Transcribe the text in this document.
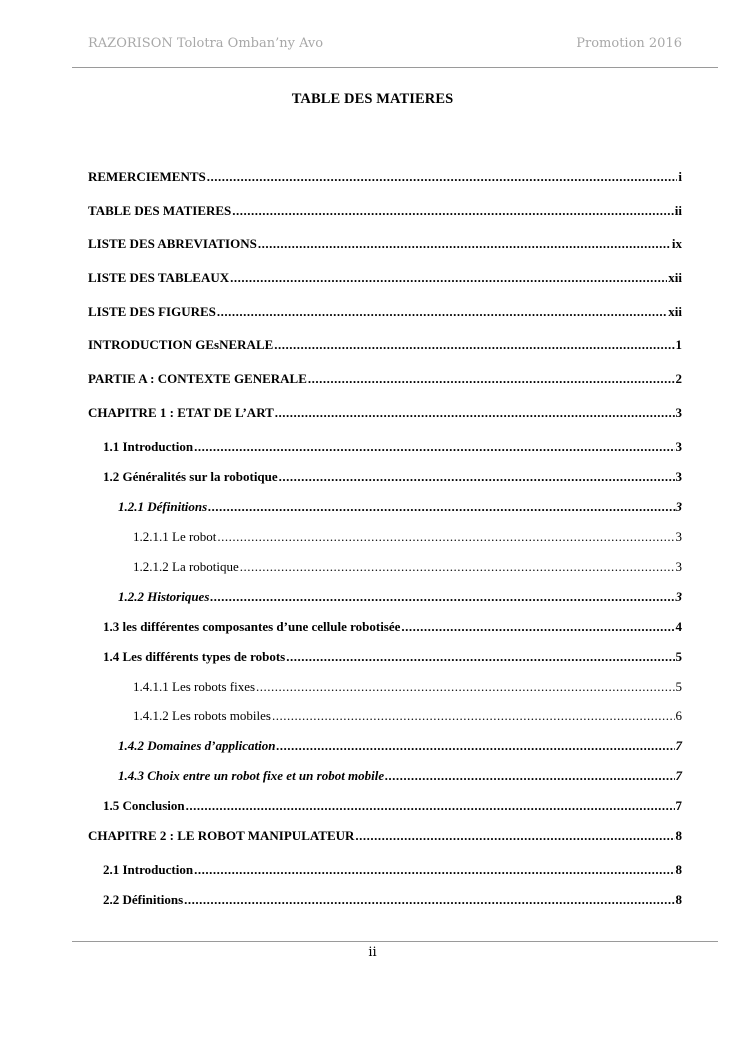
RAZORISON Tolotra Omban’ny Avo	Promotion 2016
TABLE DES MATIERES
REMERCIEMENTS .....	i
TABLE DES MATIERES .....	ii
LISTE DES ABREVIATIONS .....	ix
LISTE DES TABLEAUX .....	xii
LISTE DES FIGURES .....	xii
INTRODUCTION GEsNERALE .....	1
PARTIE A : CONTEXTE GENERALE .....	2
CHAPITRE 1 : ETAT DE L’ART .....	3
1.1 Introduction .....	3
1.2 Généralités sur la robotique .....	3
1.2.1 Définitions .....	3
1.2.1.1 Le robot .....	3
1.2.1.2 La robotique .....	3
1.2.2 Historiques .....	3
1.3 les différentes composantes d’une cellule robotisée .....	4
1.4 Les différents types de robots .....	5
1.4.1.1 Les robots fixes .....	5
1.4.1.2 Les robots mobiles .....	6
1.4.2 Domaines d’application .....	7
1.4.3 Choix entre un robot fixe et un robot mobile .....	7
1.5 Conclusion .....	7
CHAPITRE 2 : LE ROBOT MANIPULATEUR .....	8
2.1 Introduction .....	8
2.2 Définitions .....	8
ii
